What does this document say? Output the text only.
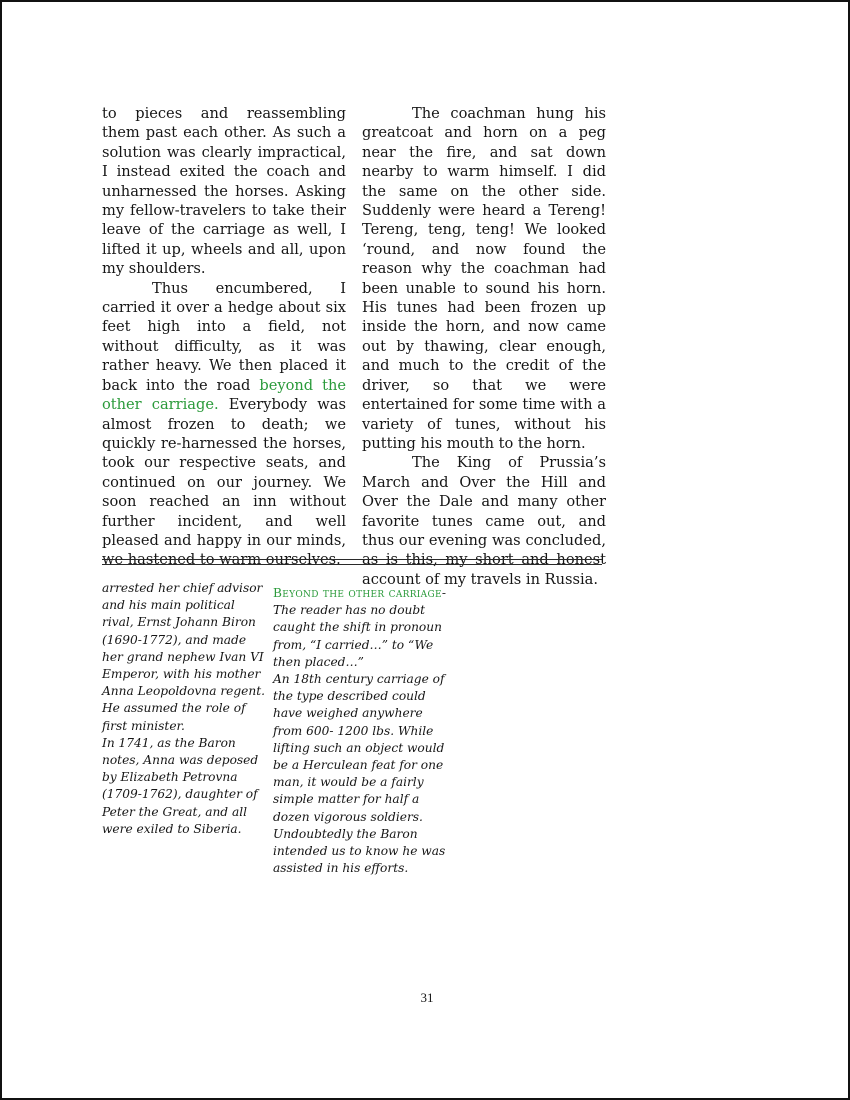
to pieces and reassembling them past each other. As such a solution was clearly impractical, I instead exited the coach and unharnessed the horses. Asking my fellow-travelers to take their leave of the carriage as well, I lifted it up, wheels and all, upon my shoulders.

Thus encumbered, I carried it over a hedge about six feet high into a field, not without difficulty, as it was rather heavy. We then placed it back into the road beyond the other carriage. Everybody was almost frozen to death; we quickly re-harnessed the horses, took our respective seats, and continued on our journey. We soon reached an inn without further incident, and well pleased and happy in our minds, we hastened to warm ourselves.

The coachman hung his greatcoat and horn on a peg near the fire, and sat down nearby to warm himself. I did the same on the other side. Suddenly were heard a Tereng! Tereng, teng, teng! We looked ‘round, and now found the reason why the coachman had been unable to sound his horn. His tunes had been frozen up inside the horn, and now came out by thawing, clear enough, and much to the credit of the driver, so that we were entertained for some time with a variety of tunes, without his putting his mouth to the horn.

The King of Prussia’s March and Over the Hill and Over the Dale and many other favorite tunes came out, and thus our evening was concluded, as is this, my short and honest account of my travels in Russia.

arrested her chief advisor and his main political rival, Ernst Johann Biron (1690-1772), and made her grand nephew Ivan VI Emperor, with his mother Anna Leopoldovna regent. He assumed the role of first minister.

In 1741, as the Baron notes, Anna was deposed by Elizabeth Petrovna (1709-1762), daughter of Peter the Great, and all were exiled to Siberia.

Beyond the other carriage-The reader has no doubt caught the shift in pronoun from, “I carried…” to “We then placed…”

An 18th century carriage of the type described could have weighed anywhere from 600- 1200 lbs. While lifting such an object would be a Herculean feat for one man, it would be a fairly simple matter for half a dozen vigorous soldiers. Undoubtedly the Baron intended us to know he was assisted in his efforts.

31
